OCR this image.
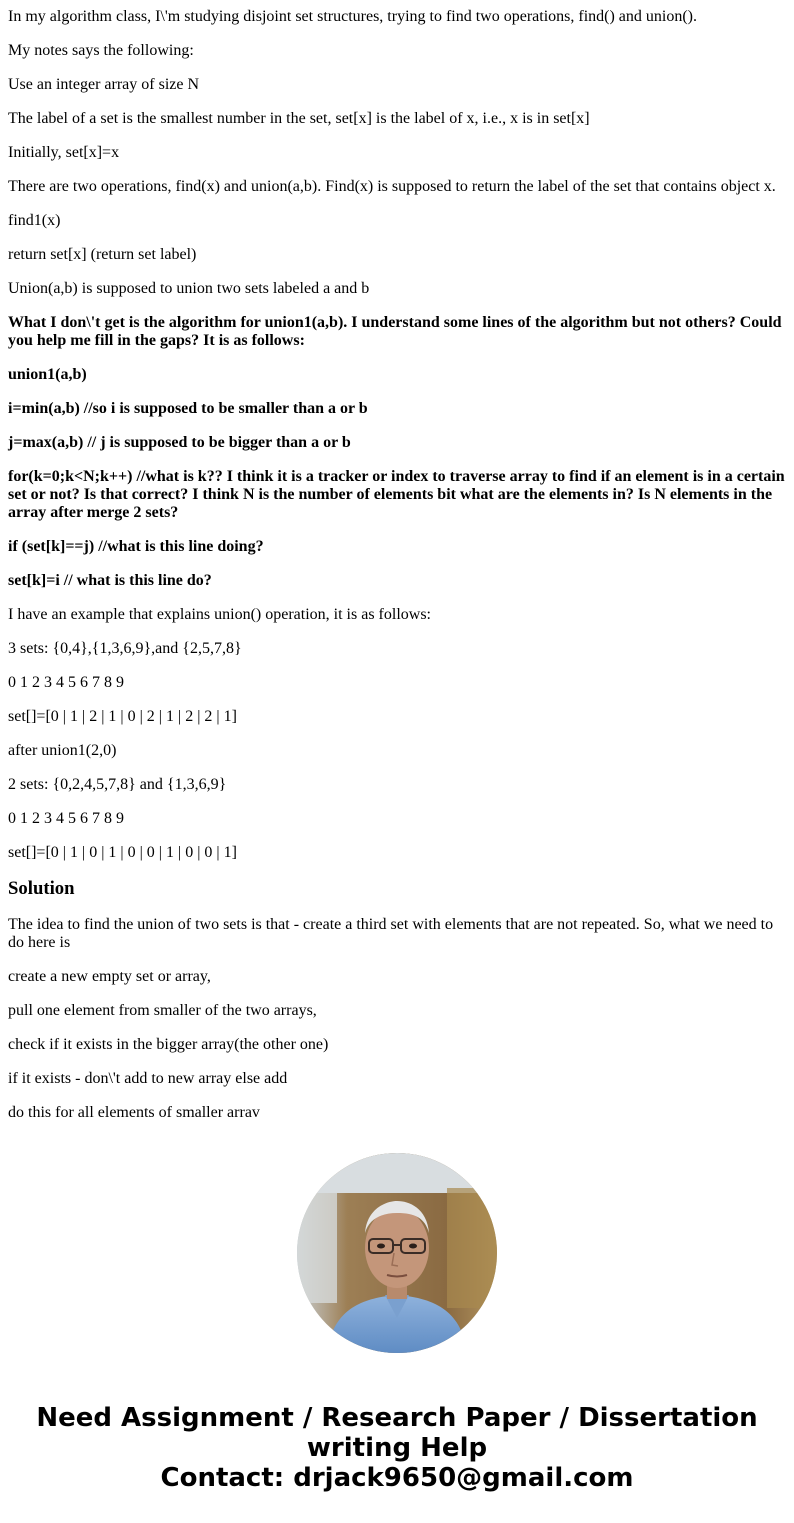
In my algorithm class, I\'m studying disjoint set structures, trying to find two operations, find() and union().

My notes says the following:

Use an integer array of size N

The label of a set is the smallest number in the set, set[x] is the label of x, i.e., x is in set[x]

Initially, set[x]=x

There are two operations, find(x) and union(a,b). Find(x) is supposed to return the label of the set that contains object x.

find1(x)

return set[x] (return set label)

Union(a,b) is supposed to union two sets labeled a and b

What I don\'t get is the algorithm for union1(a,b). I understand some lines of the algorithm but not others? Could you help me fill in the gaps? It is as follows:

union1(a,b)

i=min(a,b) //so i is supposed to be smaller than a or b

j=max(a,b) // j is supposed to be bigger than a or b

for(k=0;k<N;k++) //what is k?? I think it is a tracker or index to traverse array to find if an element is in a certain set or not? Is that correct? I think N is the number of elements bit what are the elements in? Is N elements in the array after merge 2 sets?

if (set[k]==j) //what is this line doing?

set[k]=i // what is this line do?

I have an example that explains union() operation, it is as follows:

3 sets: {0,4},{1,3,6,9},and {2,5,7,8}

0 1 2 3 4 5 6 7 8 9

set[]=[0 | 1 | 2 | 1 | 0 | 2 | 1 | 2 | 2 | 1]

after union1(2,0)

2 sets: {0,2,4,5,7,8} and {1,3,6,9}

0 1 2 3 4 5 6 7 8 9

set[]=[0 | 1 | 0 | 1 | 0 | 0 | 1 | 0 | 0 | 1]

Solution

The idea to find the union of two sets is that - create a third set with elements that are not repeated. So, what we need to do here is

create a new empty set or array,

pull one element from smaller of the two arrays,

check if it exists in the bigger array(the other one)

if it exists - don\'t add to new array else add

do this for all elements of smaller arrav

Need Assignment / Research Paper / Dissertation
writing Help
Contact: drjack9650@gmail.com
